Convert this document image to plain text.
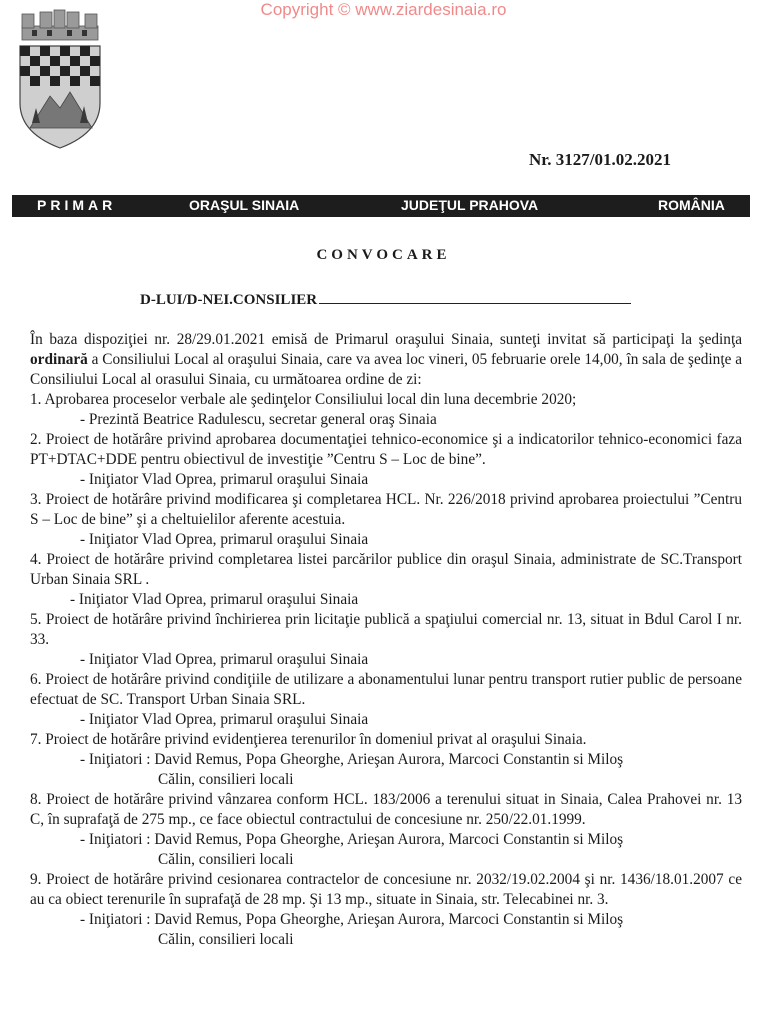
Copyright © www.ziardesinaia.ro
Nr. 3127/01.02.2021
PRIMAR	ORAŞUL SINAIA	JUDEŢUL PRAHOVA	ROMÂNIA
CONVOCARE
D-LUI/D-NEI.CONSILIER

În baza dispoziţiei nr. 28/29.01.2021 emisă de Primarul oraşului Sinaia, sunteţi invitat să participaţi la şedinţa ordinară a Consiliului Local al oraşului Sinaia, care va avea loc vineri, 05 februarie orele 14,00, în sala de şedinţe a Consiliului Local al orasului Sinaia, cu următoarea ordine de zi:

1. Aprobarea proceselor verbale ale şedinţelor Consiliului local din luna decembrie 2020;

- Prezintă Beatrice Radulescu, secretar general oraş Sinaia

2. Proiect de hotărâre privind aprobarea documentaţiei tehnico-economice şi a indicatorilor tehnico-economici faza PT+DTAC+DDE pentru obiectivul de investiţie ”Centru S – Loc de bine”.

- Iniţiator Vlad Oprea, primarul oraşului Sinaia

3. Proiect de hotărâre privind modificarea şi completarea HCL. Nr. 226/2018 privind aprobarea proiectului ”Centru S – Loc de bine” şi a cheltuielilor aferente acestuia.

- Iniţiator Vlad Oprea, primarul oraşului Sinaia

4. Proiect de hotărâre privind completarea listei parcărilor publice din oraşul Sinaia, administrate de SC.Transport Urban Sinaia SRL .

- Iniţiator Vlad Oprea, primarul oraşului Sinaia

5. Proiect de hotărâre privind închirierea prin licitaţie publică a spaţiului comercial nr. 13, situat in Bdul Carol I nr. 33.

- Iniţiator Vlad Oprea, primarul oraşului Sinaia

6. Proiect de hotărâre privind condiţiile de utilizare a abonamentului lunar pentru transport rutier public de persoane efectuat de SC. Transport Urban Sinaia SRL.

- Iniţiator Vlad Oprea, primarul oraşului Sinaia

7. Proiect de hotărâre privind evidenţierea terenurilor în domeniul privat al oraşului Sinaia.

- Iniţiatori : David Remus, Popa Gheorghe, Arieşan Aurora, Marcoci Constantin si Miloş

Călin, consilieri locali

8. Proiect de hotărâre privind vânzarea conform HCL. 183/2006 a terenului situat in Sinaia, Calea Prahovei nr. 13 C, în suprafaţă de 275 mp., ce face obiectul contractului de concesiune nr. 250/22.01.1999.

- Iniţiatori : David Remus, Popa Gheorghe, Arieşan Aurora, Marcoci Constantin si Miloş

Călin, consilieri locali

9. Proiect de hotărâre privind cesionarea contractelor de concesiune nr. 2032/19.02.2004 şi nr. 1436/18.01.2007 ce au ca obiect terenurile în suprafaţă de 28 mp. Şi 13 mp., situate in Sinaia, str. Telecabinei nr. 3.

- Iniţiatori : David Remus, Popa Gheorghe, Arieşan Aurora, Marcoci Constantin si Miloş

Călin, consilieri locali
